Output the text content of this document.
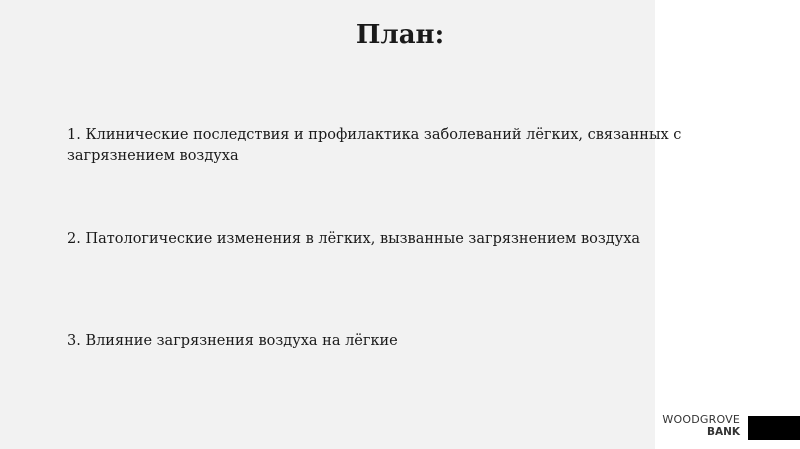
План:

1. Клинические последствия и профилактика заболеваний лёгких, связанных с загрязнением воздуха

2. Патологические изменения в лёгких, вызванные загрязнением воздуха

3. Влияние загрязнения воздуха на лёгкие

WOODGROVE
BANK
